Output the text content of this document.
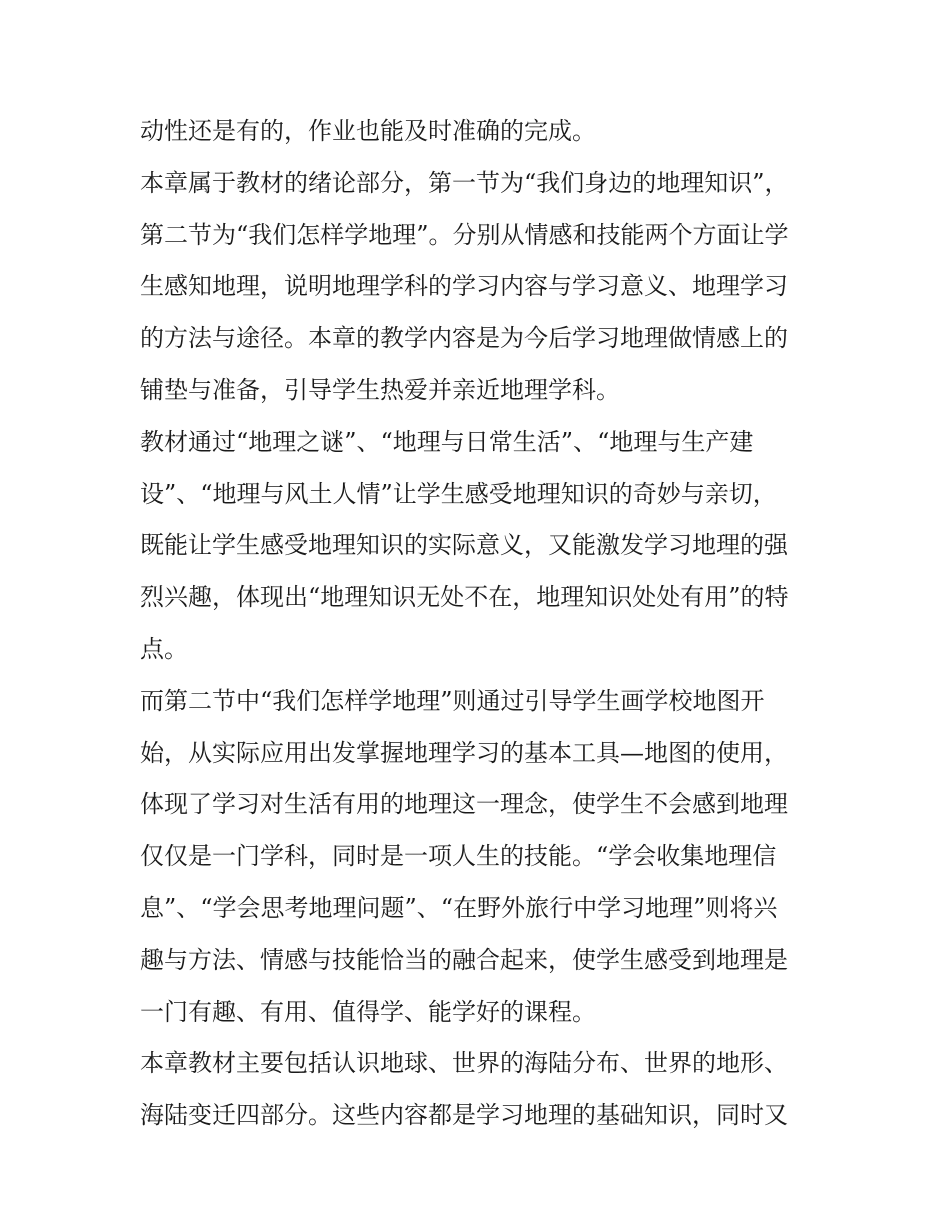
动性还是有的，作业也能及时准确的完成。
本章属于教材的绪论部分，第一节为“我们身边的地理知识”，
第二节为“我们怎样学地理”。分别从情感和技能两个方面让学
生感知地理，说明地理学科的学习内容与学习意义、地理学习
的方法与途径。本章的教学内容是为今后学习地理做情感上的
铺垫与准备，引导学生热爱并亲近地理学科。
教材通过“地理之谜”、“地理与日常生活”、“地理与生产建
设”、“地理与风土人情”让学生感受地理知识的奇妙与亲切，
既能让学生感受地理知识的实际意义，又能激发学习地理的强
烈兴趣，体现出“地理知识无处不在，地理知识处处有用”的特
点。
而第二节中“我们怎样学地理”则通过引导学生画学校地图开
始，从实际应用出发掌握地理学习的基本工具—地图的使用，
体现了学习对生活有用的地理这一理念，使学生不会感到地理
仅仅是一门学科，同时是一项人生的技能。“学会收集地理信
息”、“学会思考地理问题”、“在野外旅行中学习地理”则将兴
趣与方法、情感与技能恰当的融合起来，使学生感受到地理是
一门有趣、有用、值得学、能学好的课程。
本章教材主要包括认识地球、世界的海陆分布、世界的地形、
海陆变迁四部分。这些内容都是学习地理的基础知识，同时又
